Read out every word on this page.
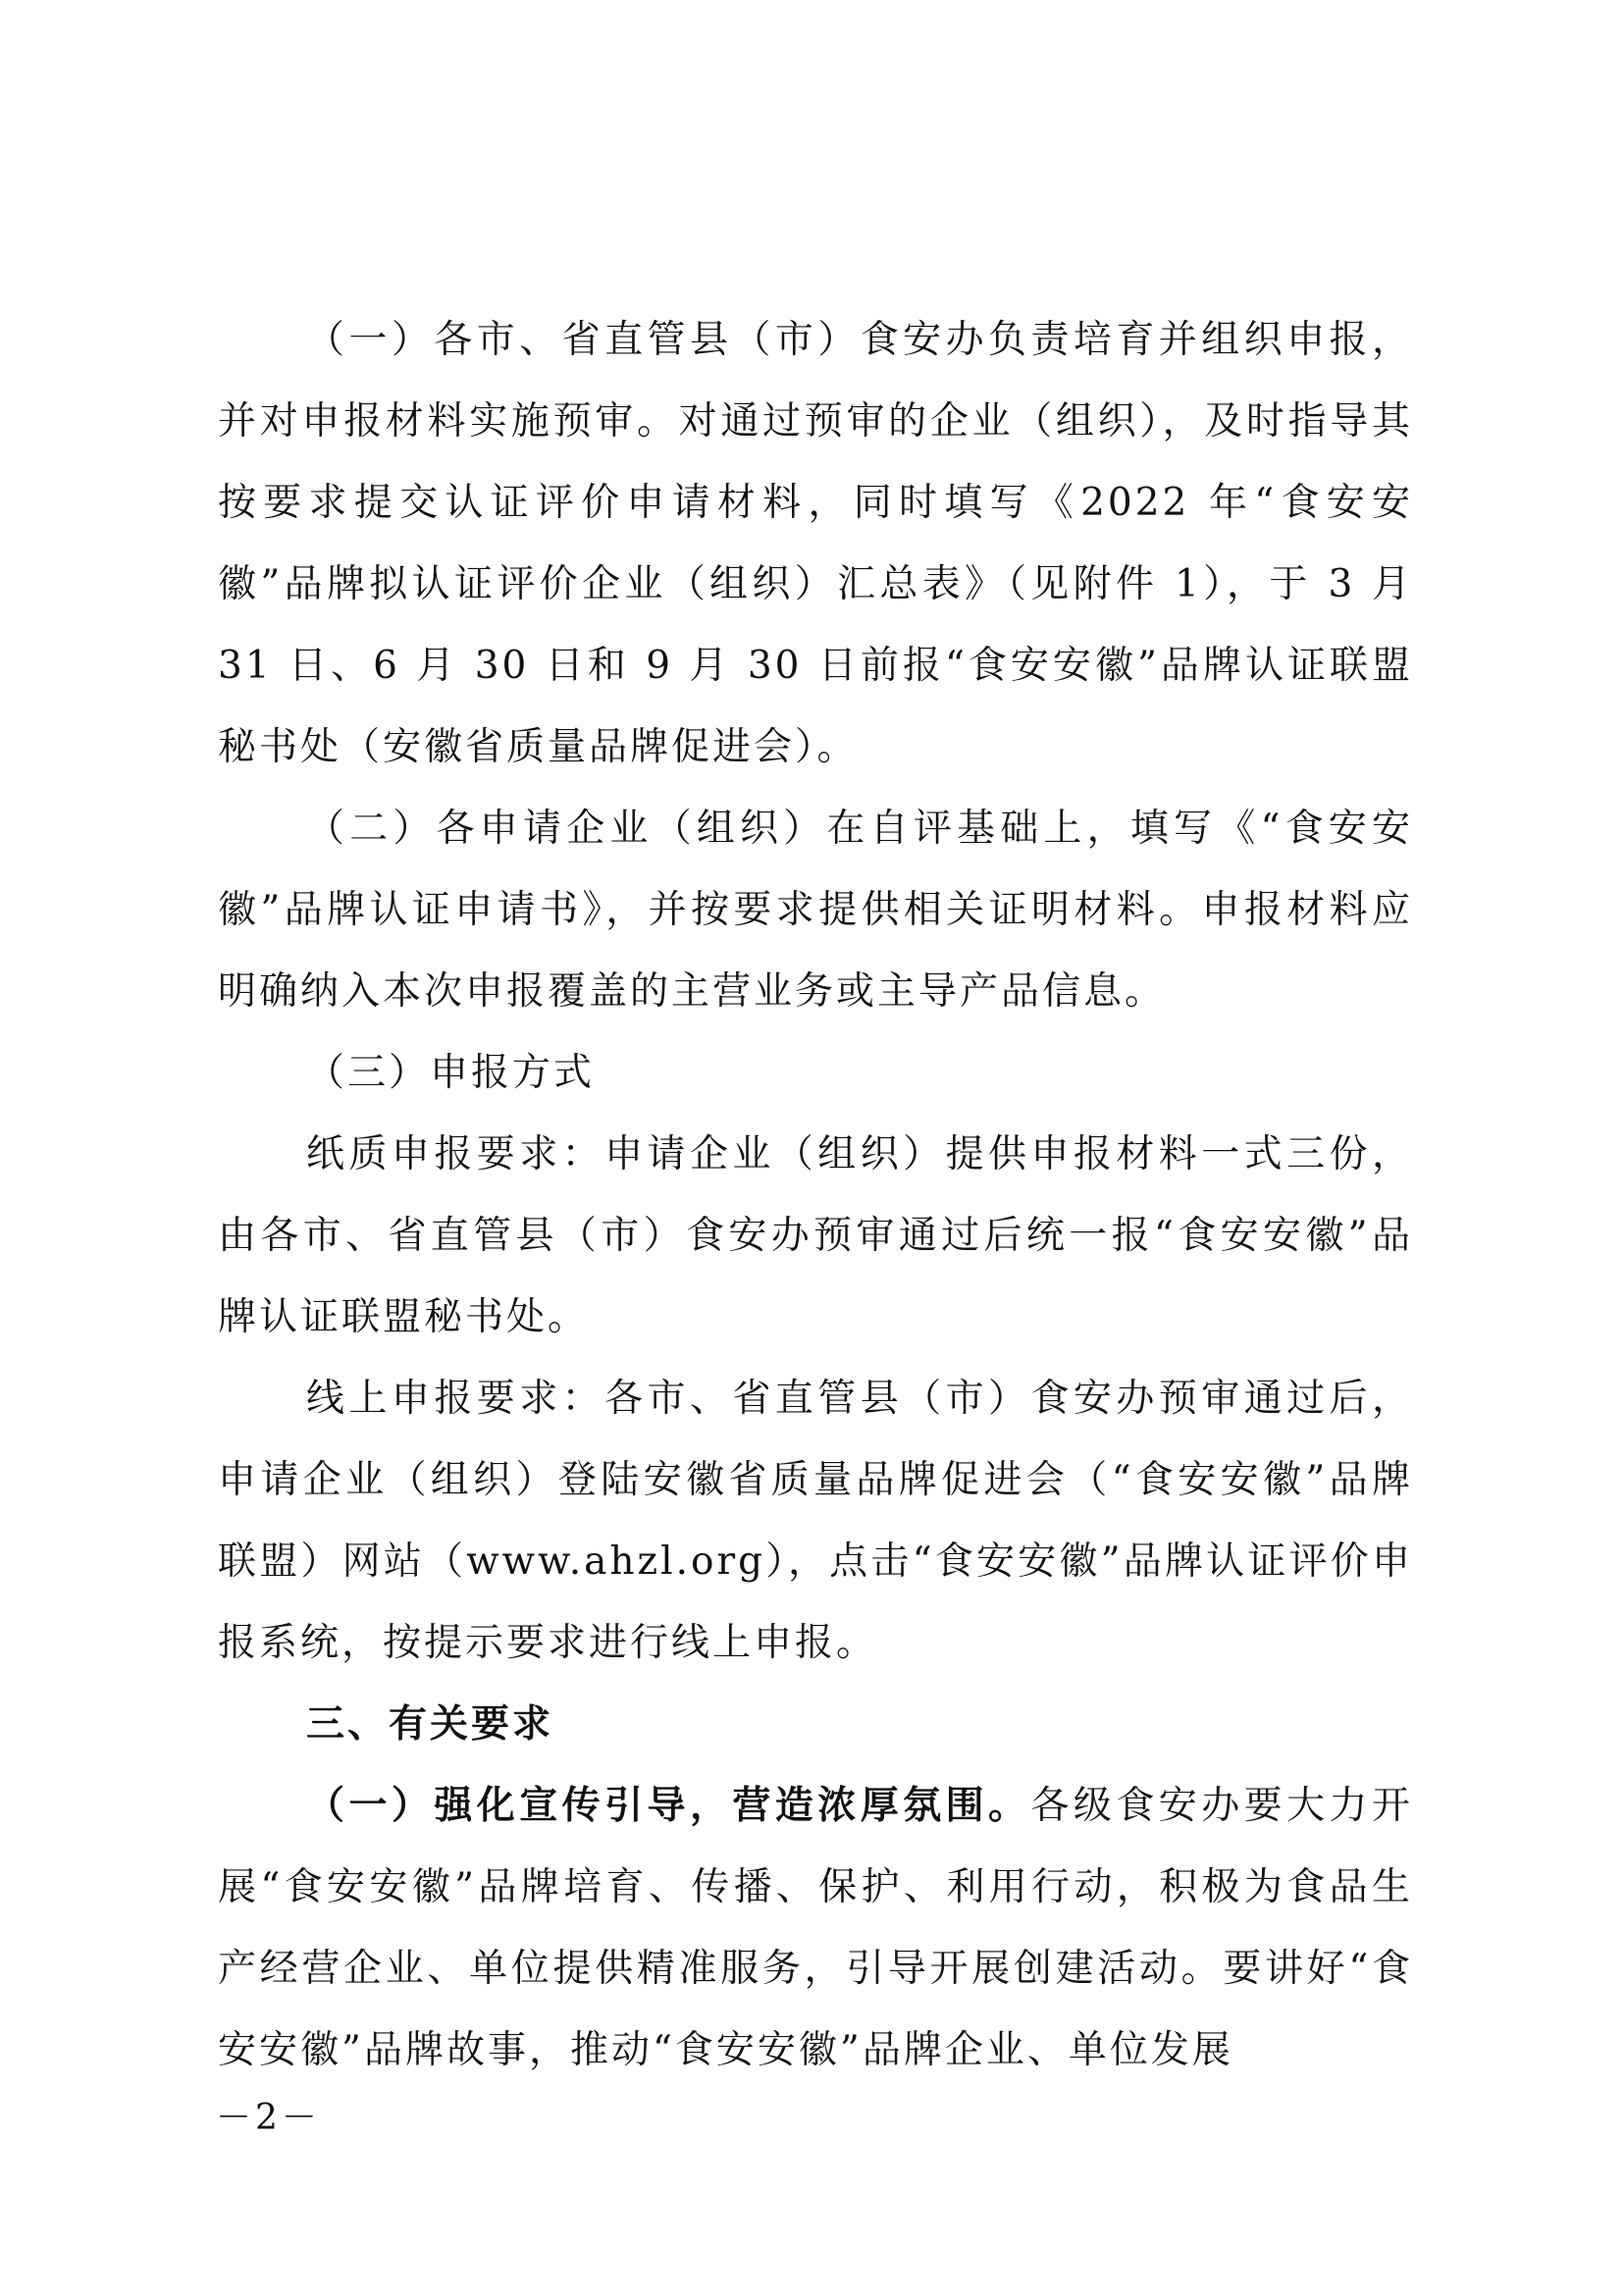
（一）各市、省直管县（市）食安办负责培育并组织申报，并对申报材料实施预审。对通过预审的企业（组织），及时指导其按要求提交认证评价申请材料，同时填写《2022 年“食安安徽”品牌拟认证评价企业（组织）汇总表》（见附件 1），于 3 月 31 日、6 月 30 日和 9 月 30 日前报“食安安徽”品牌认证联盟秘书处（安徽省质量品牌促进会）。

（二）各申请企业（组织）在自评基础上，填写《“食安安徽”品牌认证申请书》，并按要求提供相关证明材料。申报材料应明确纳入本次申报覆盖的主营业务或主导产品信息。

（三）申报方式

纸质申报要求：申请企业（组织）提供申报材料一式三份，由各市、省直管县（市）食安办预审通过后统一报“食安安徽”品牌认证联盟秘书处。

线上申报要求：各市、省直管县（市）食安办预审通过后，申请企业（组织）登陆安徽省质量品牌促进会（“食安安徽”品牌联盟）网站（www.ahzl.org），点击“食安安徽”品牌认证评价申报系统，按提示要求进行线上申报。

三、有关要求

（一）强化宣传引导，营造浓厚氛围。各级食安办要大力开展“食安安徽”品牌培育、传播、保护、利用行动，积极为食品生产经营企业、单位提供精准服务，引导开展创建活动。要讲好“食安安徽”品牌故事，推动“食安安徽”品牌企业、单位发展

－2－
